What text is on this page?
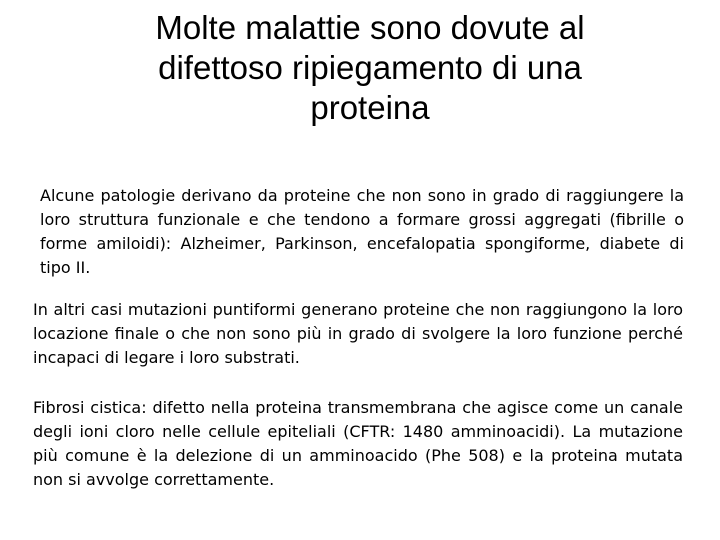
Molte malattie sono dovute al difettoso ripiegamento di una proteina

Alcune patologie derivano da proteine che non sono in grado di raggiungere la loro struttura funzionale e che tendono a formare grossi aggregati (fibrille o forme amiloidi): Alzheimer, Parkinson, encefalopatia spongiforme, diabete di tipo II.

In altri casi mutazioni puntiformi generano proteine che non raggiungono la loro locazione finale o che non sono più in grado di svolgere la loro funzione perché incapaci di legare i loro substrati.

Fibrosi cistica: difetto nella proteina transmembrana che agisce come un canale degli ioni cloro nelle cellule epiteliali (CFTR: 1480 amminoacidi). La mutazione più comune è la delezione di un amminoacido (Phe 508) e la proteina mutata non si avvolge correttamente.
